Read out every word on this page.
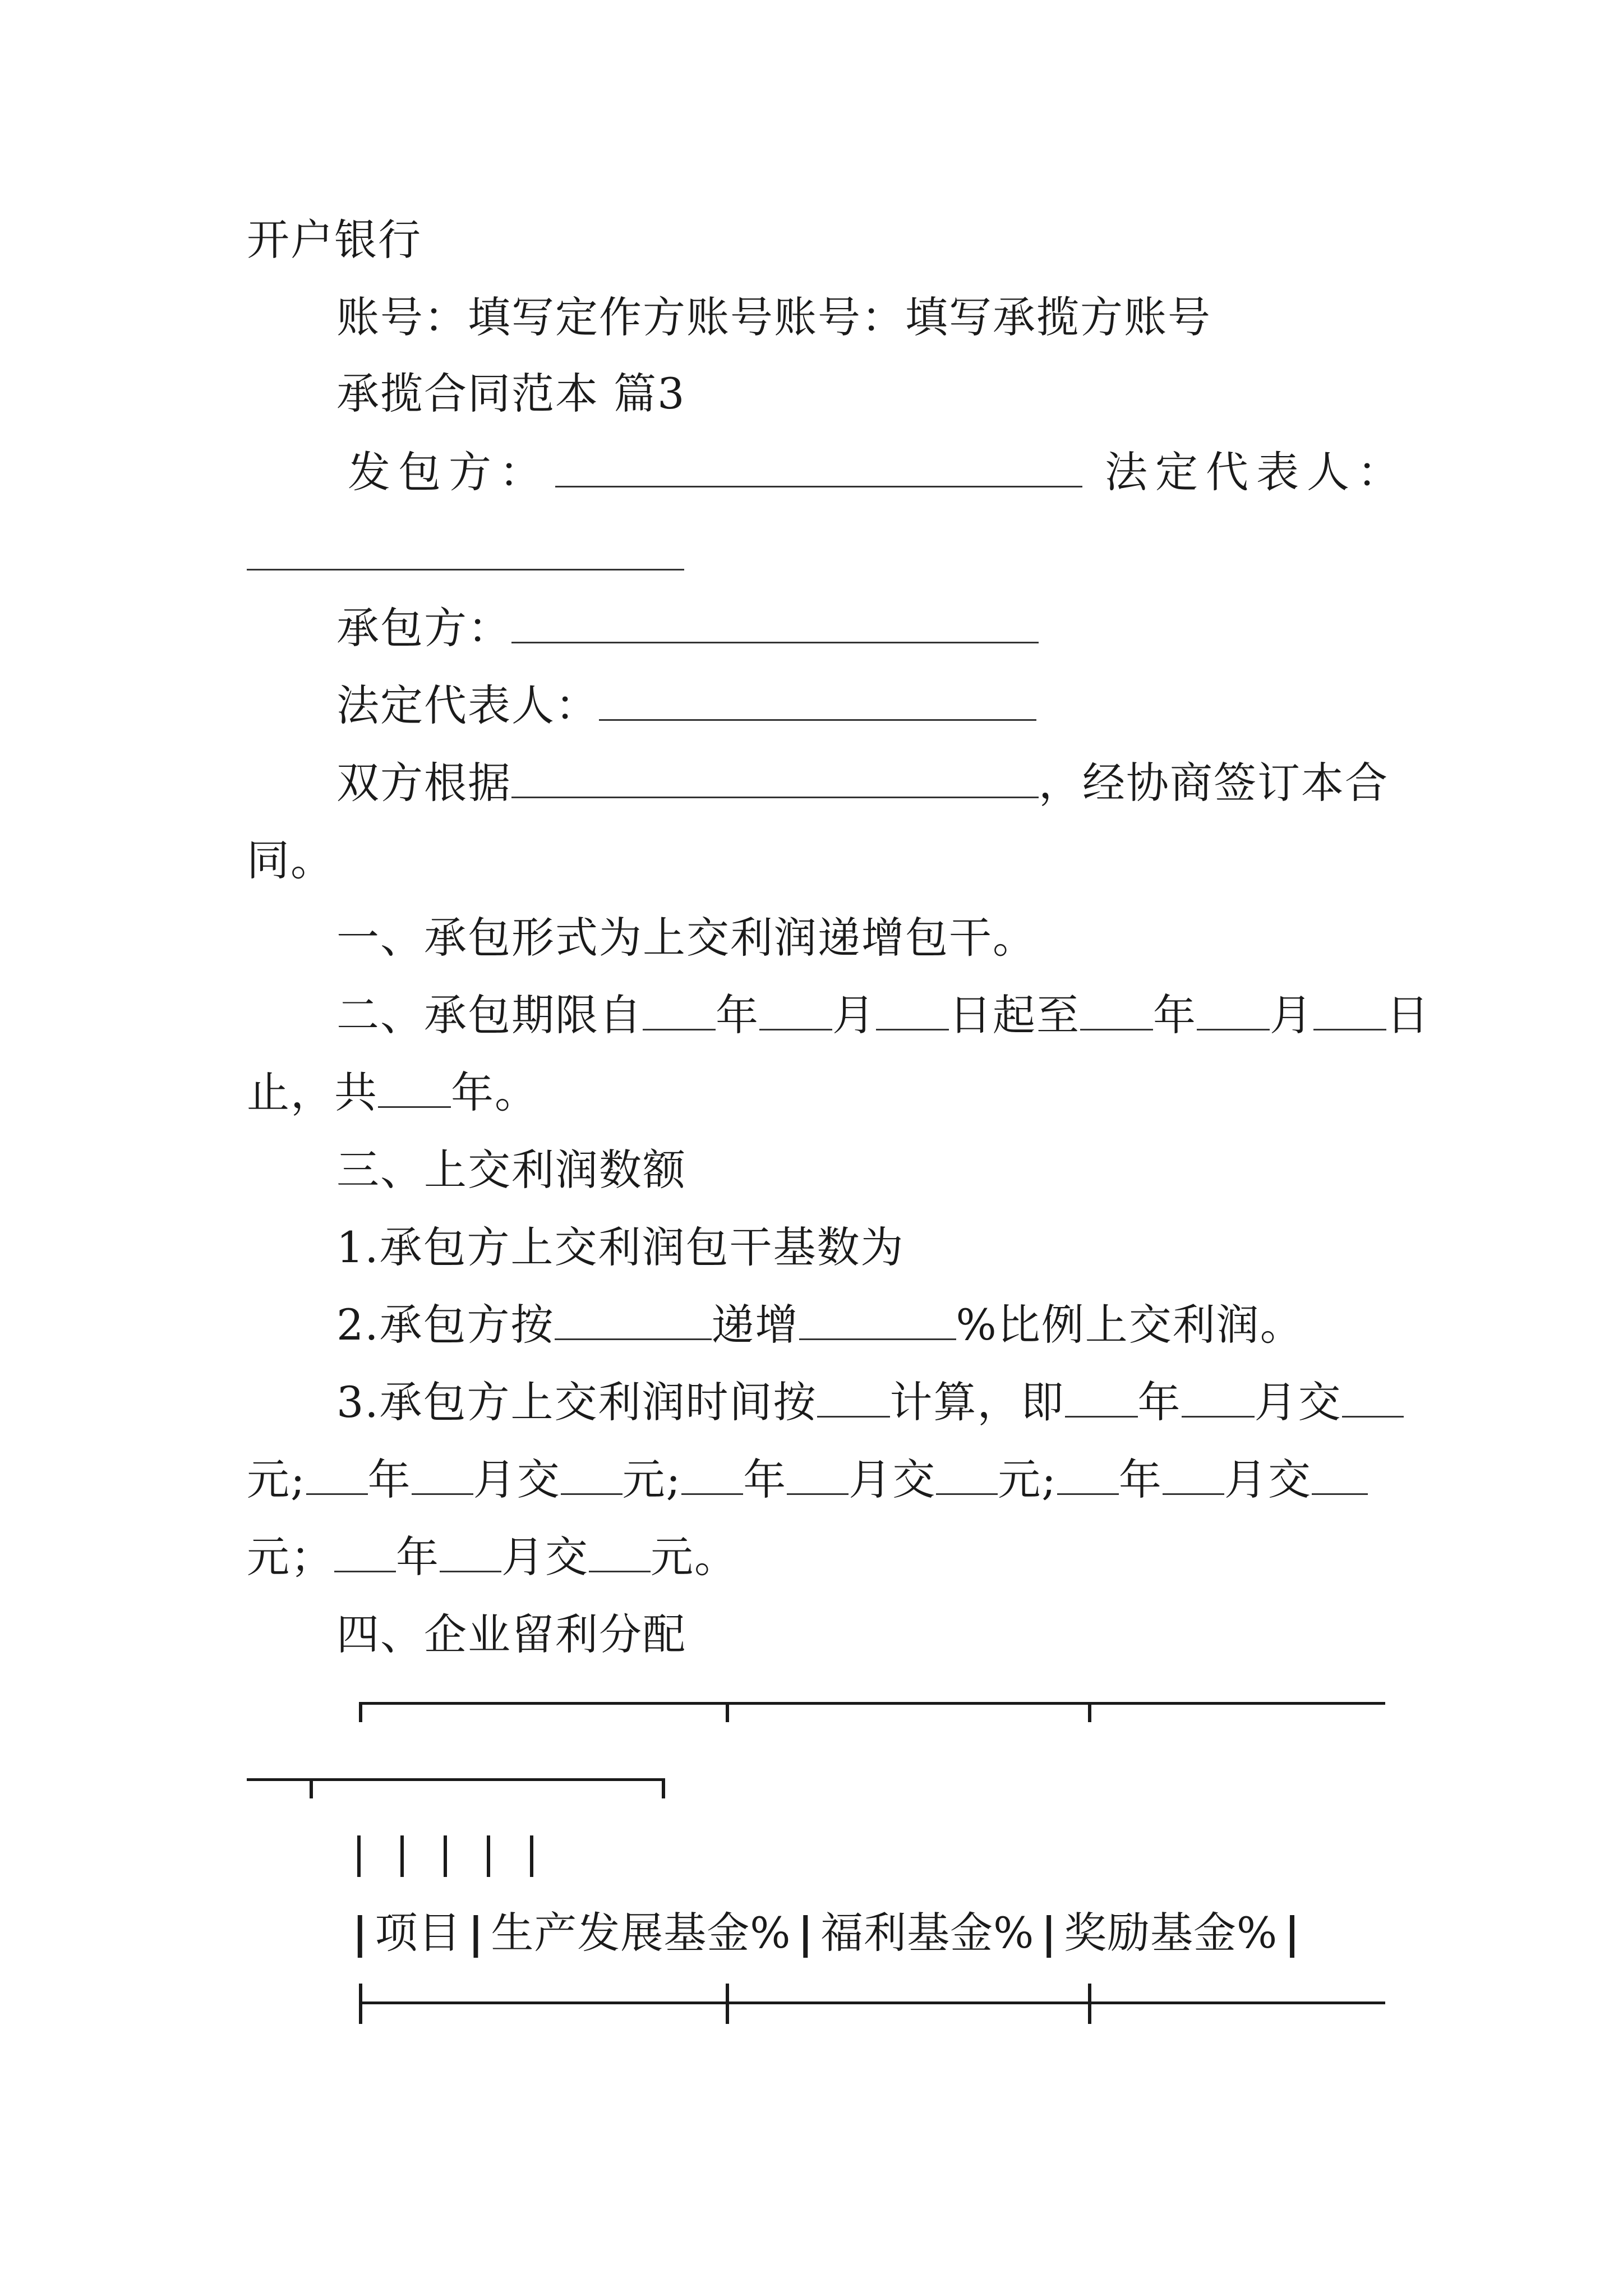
开户银行
账号：填写定作方账号账号：填写承揽方账号
承揽合同范本 篇3
发包方：	法定代表人：
承包方：
法定代表人：
双方根据	，经协商签订本合
同。
一、承包形式为上交利润递增包干。
二、承包期限自 年 月 日起至 年 月 日
止，共 年。
三、上交利润数额
1.承包方上交利润包干基数为
2.承包方按	递增	%比例上交利润。
3.承包方上交利润时间按 计算，即 年 月交
元; 年 月交 元; 年 月交 元; 年 月交
元； 年 月交 元。
四、企业留利分配
| 项目 | 生产发展基金% | 福利基金% | 奖励基金% |
